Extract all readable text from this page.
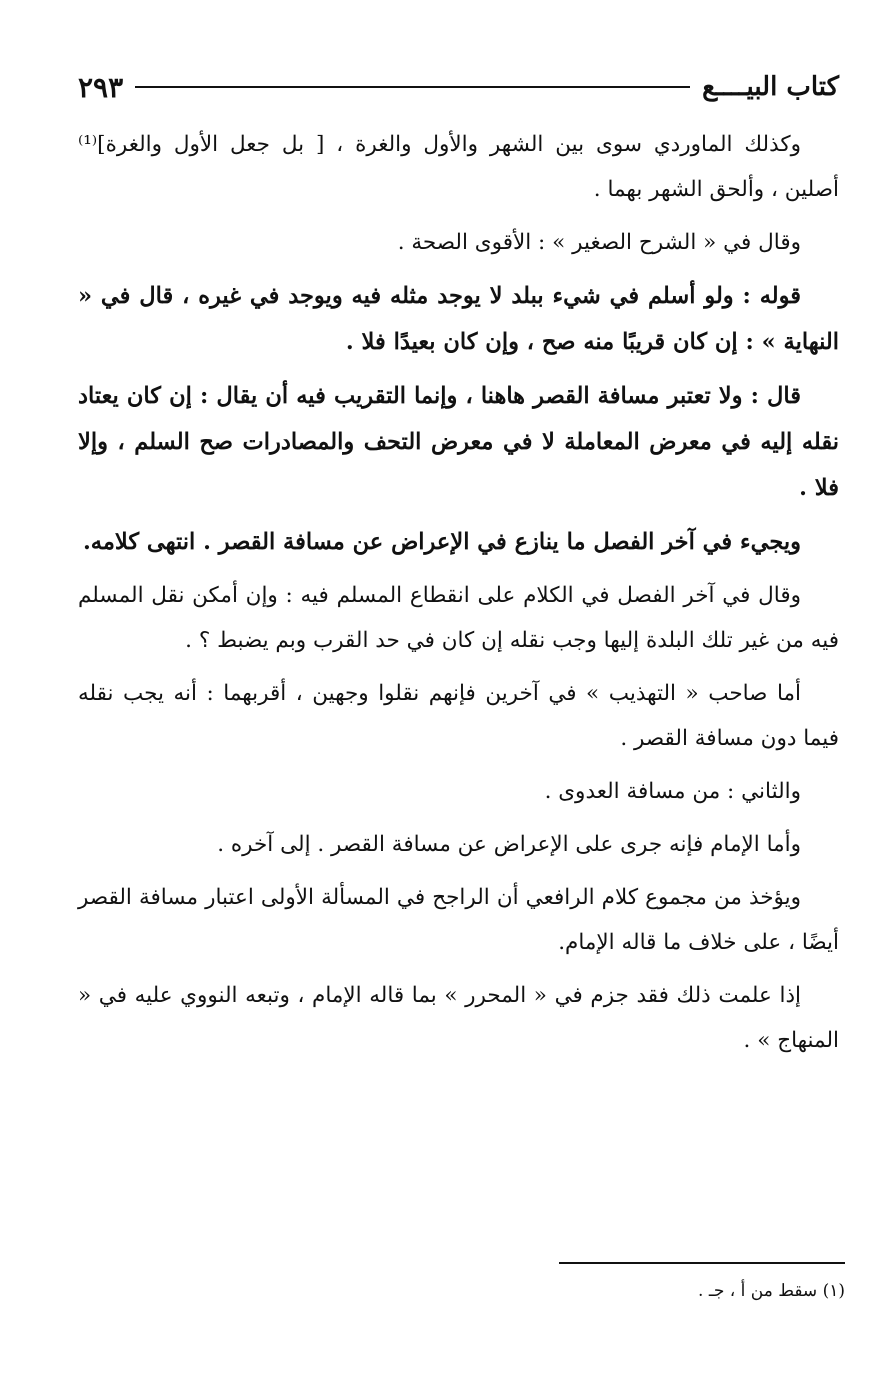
كتاب البيــــع
٢٩٣

وكذلك الماوردي سوى بين الشهر والأول والغرة ، [ بل جعل الأول والغرة]⁽¹⁾ أصلين ، وألحق الشهر بهما .

وقال في « الشرح الصغير » : الأقوى الصحة .

قوله : ولو أسلم في شيء ببلد لا يوجد مثله فيه ويوجد في غيره ، قال في « النهاية » : إن كان قريبًا منه صح ، وإن كان بعيدًا فلا .

قال : ولا تعتبر مسافة القصر هاهنا ، وإنما التقريب فيه أن يقال : إن كان يعتاد نقله إليه في معرض المعاملة لا في معرض التحف والمصادرات صح السلم ، وإلا فلا .

ويجيء في آخر الفصل ما ينازع في الإعراض عن مسافة القصر . انتهى كلامه.

وقال في آخر الفصل في الكلام على انقطاع المسلم فيه : وإن أمكن نقل المسلم فيه من غير تلك البلدة إليها وجب نقله إن كان في حد القرب وبم يضبط ؟ .

أما صاحب « التهذيب » في آخرين فإنهم نقلوا وجهين ، أقربهما : أنه يجب نقله فيما دون مسافة القصر .

والثاني : من مسافة العدوى .

وأما الإمام فإنه جرى على الإعراض عن مسافة القصر . إلى آخره .

ويؤخذ من مجموع كلام الرافعي أن الراجح في المسألة الأولى اعتبار مسافة القصر أيضًا ، على خلاف ما قاله الإمام.

إذا علمت ذلك فقد جزم في « المحرر » بما قاله الإمام ، وتبعه النووي عليه في « المنهاج » .

(١) سقط من أ ، جـ .
